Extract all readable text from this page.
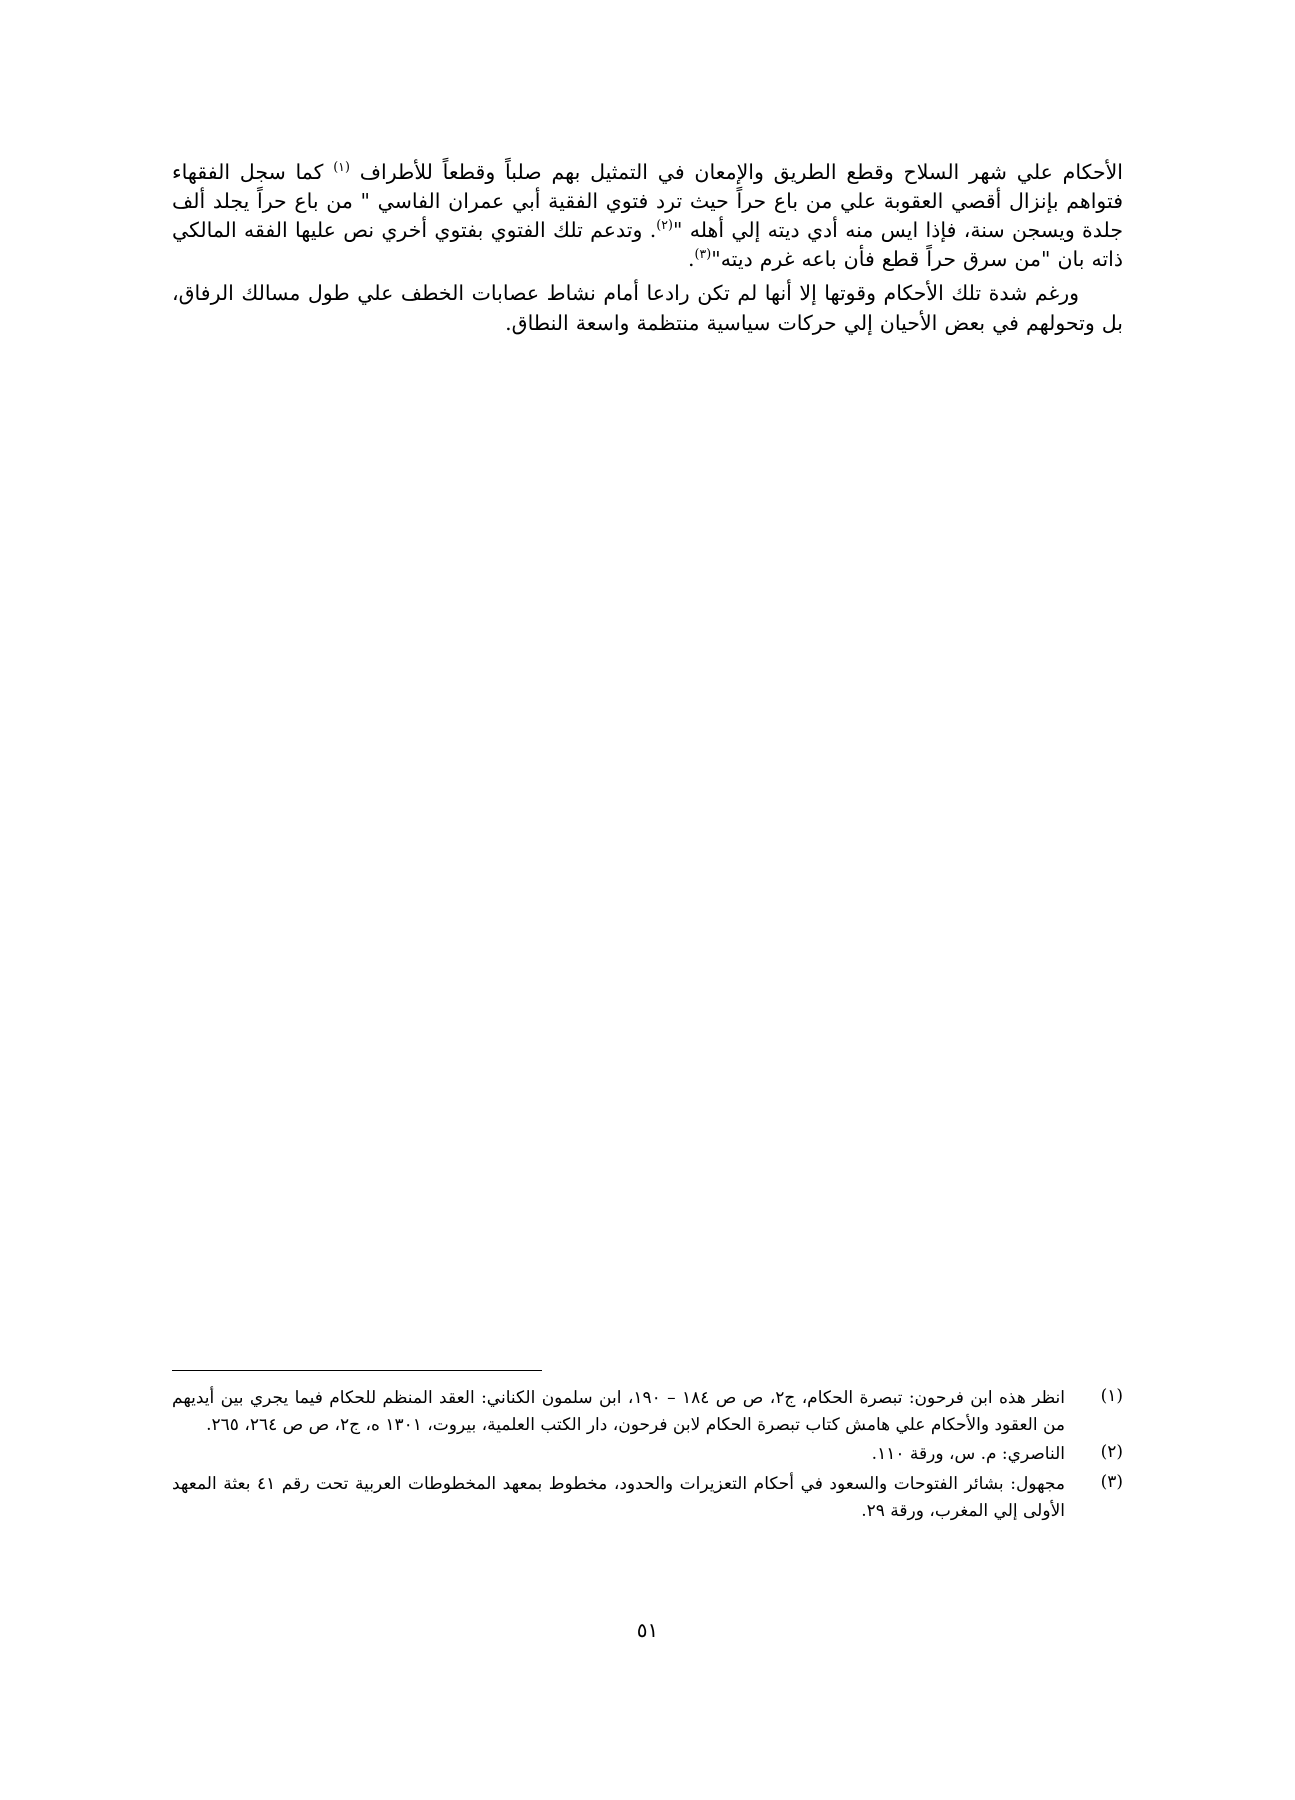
الأحكام علي شهر السلاح وقطع الطريق والإمعان في التمثيل بهم صلباً وقطعاً للأطراف $^{(١)}$ كما سجل الفقهاء فتواهم بإنزال أقصي العقوبة علي من باع حراً حيث ترد فتوي الفقية أبي عمران الفاسي " من باع حراً يجلد ألف جلدة ويسجن سنة، فإذا ايس منه أدي ديته إلي أهله "$^{(٢)}$. وتدعم تلك الفتوي بفتوي أخري نص عليها الفقه المالكي ذاته بان "من سرق حراً قطع فأن باعه غرم ديته"$^{(٣)}$.

ورغم شدة تلك الأحكام وقوتها إلا أنها لم تكن رادعا أمام نشاط عصابات الخطف علي طول مسالك الرفاق، بل وتحولهم في بعض الأحيان إلي حركات سياسية منتظمة واسعة النطاق.

(١)
انظر هذه ابن فرحون: تبصرة الحكام، ج٢، ص ص ١٨٤ – ١٩٠، ابن سلمون الكناني: العقد المنظم للحكام فيما يجري بين أيديهم من العقود والأحكام علي هامش كتاب تبصرة الحكام لابن فرحون، دار الكتب العلمية، بيروت، ١٣٠١ ه، ج٢، ص ص ٢٦٤، ٢٦٥.
(٢)
الناصري: م. س، ورقة ١١٠.
(٣)
مجهول: بشائر الفتوحات والسعود في أحكام التعزيرات والحدود، مخطوط بمعهد المخطوطات العربية تحت رقم ٤١ بعثة المعهد الأولى إلي المغرب، ورقة ٢٩.
٥١
